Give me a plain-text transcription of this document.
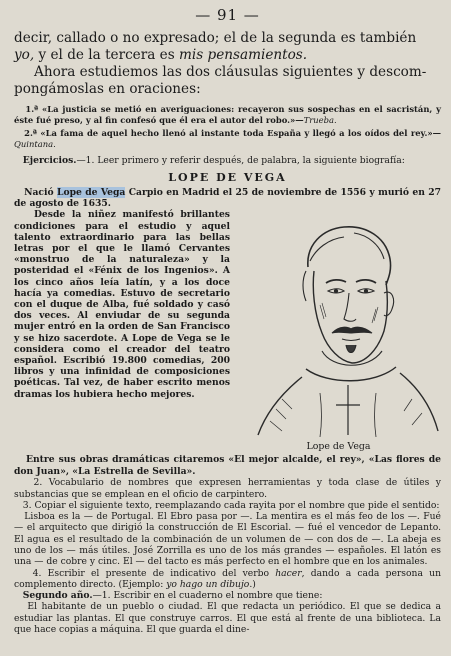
— 91 —

decir, callado o no expresado; el de la segunda es también
yo, y el de la tercera es mis pensamientos.
Ahora estudiemos las dos cláusulas siguientes y descom-
pongámoslas en oraciones:

1.ª «La justicia se metió en averiguaciones: recayeron sus sospechas en el sacristán, y éste fué preso, y al fin confesó que él era el autor del robo.»—Trueba.

2.ª «La fama de aquel hecho llenó al instante toda España y llegó a los oídos del rey.»—Quintana.

Ejercicios.—1. Leer primero y referir después, de palabra, la siguiente biografía:

LOPE DE VEGA

Nació Lope de Vega Carpio en Madrid el 25 de noviembre de 1556 y murió en 27 de agosto de 1635.

Desde la niñez manifestó brillantes condiciones para el estudio y aquel talento extraordinario para las bellas letras por el que le llamó Cervantes «monstruo de la naturaleza» y la posteridad el «Fénix de los Ingenios». A los cinco años leía latín, y a los doce hacía ya comedias. Estuvo de secretario con el duque de Alba, fué soldado y casó dos veces. Al enviudar de su segunda mujer entró en la orden de San Francisco y se hizo sacerdote. A Lope de Vega se le considera como el creador del teatro español. Escribió 19.800 comedias, 200 libros y una infinidad de composiciones poéticas. Tal vez, de haber escrito menos dramas los hubiera hecho mejores.
Lope de Vega

Entre sus obras dramáticas citaremos «El mejor alcalde, el rey», «Las flores de don Juan», «La Estrella de Sevilla».

2. Vocabulario de nombres que expresen herramientas y toda clase de útiles y substancias que se emplean en el oficio de carpintero.

3. Copiar el siguiente texto, reemplazando cada rayita por el nombre que pide el sentido:

Lisboa es la — de Portugal. El Ebro pasa por —. La mentira es el más feo de los —. Fué — el arquitecto que dirigió la construcción de El Escorial. — fué el vencedor de Lepanto. El agua es el resultado de la combinación de un volumen de — con dos de —. La abeja es uno de los — más útiles. José Zorrilla es uno de los más grandes — españoles. El latón es una — de cobre y cinc. El — del tacto es más perfecto en el hombre que en los animales.

4. Escribir el presente de indicativo del verbo hacer, dando a cada persona un complemento directo. (Ejemplo: yo hago un dibujo.)

Segundo año.—1. Escribir en el cuaderno el nombre que tiene:

El habitante de un pueblo o ciudad. El que redacta un periódico. El que se dedica a estudiar las plantas. El que construye carros. El que está al frente de una biblioteca. La que hace copias a máquina. El que guarda el dine-
